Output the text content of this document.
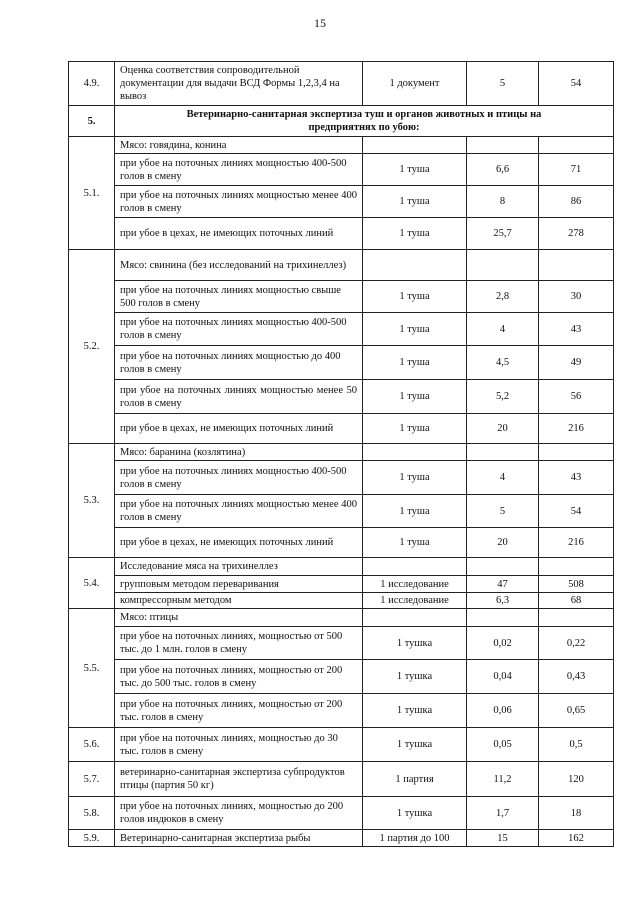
15
4.9.	Оценка соответствия сопроводительной документации для выдачи ВСД Формы 1,2,3,4 на вывоз	1 документ	5	54
5.	Ветеринарно-санитарная экспертиза туш и органов животных и птицы на предприятнях по убою:			
5.1.	Мясо: говядина, конина			
	при убое на поточных линиях мощностью 400-500 голов в смену	1 туша	6,6	71
	при убое на поточных линиях мощностью менее 400 голов в смену	1 туша	8	86
	при убое в цехах, не имеющих поточных линий	1 туша	25,7	278
5.2.	Мясо: свинина (без исследований на трихинеллез)			
	при убое на поточных линиях мощностью свыше 500 голов в смену	1 туша	2,8	30
	при убое на поточных линиях мощностью 400-500 голов в смену	1 туша	4	43
	при убое на поточных линиях мощностью до 400 голов в смену	1 туша	4,5	49
	при убое на поточных линиях мощностью менее 50 голов в смену	1 туша	5,2	56
	при убое в цехах, не имеющих поточных линий	1 туша	20	216
5.3.	Мясо: баранина (козлятина)			
	при убое на поточных линиях мощностью 400-500 голов в смену	1 туша	4	43
	при убое на поточных линиях мощностью менее 400 голов в смену	1 туша	5	54
	при убое в цехах, не имеющих поточных линий	1 туша	20	216
5.4.	Исследование мяса на трихинеллез			
	групповым методом переваривания	1 исследование	47	508
	компрессорным методом	1 исследование	6,3	68
5.5.	Мясо: птицы			
	при убое на поточных линиях, мощностью от 500 тыс. до 1 млн. голов в смену	1 тушка	0,02	0,22
	при убое на поточных линиях, мощностью от 200 тыс. до 500 тыс. голов в смену	1 тушка	0,04	0,43
	при убое на поточных линиях, мощностью от 200 тыс. голов в смену	1 тушка	0,06	0,65
5.6.	при убое на поточных линиях, мощностью до 30 тыс. голов в смену	1 тушка	0,05	0,5
5.7.	ветеринарно-санитарная экспертиза субпродуктов птицы (партия 50 кг)	1 партия	11,2	120
5.8.	при убое на поточных линиях, мощностью до 200 голов индюков в смену	1 тушка	1,7	18
5.9.	Ветеринарно-санитарная экспертиза рыбы	1 партия до 100	15	162
